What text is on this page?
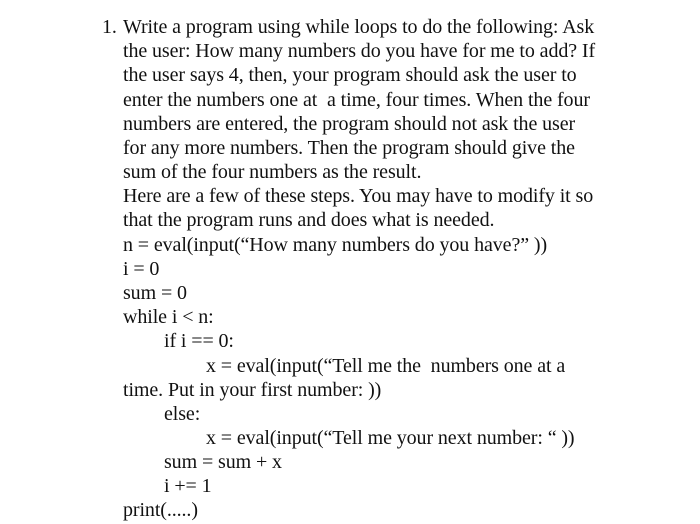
1. Write a program using while loops to do the following: Ask
the user: How many numbers do you have for me to add? If
the user says 4, then, your program should ask the user to
enter the numbers one at  a time, four times. When the four
numbers are entered, the program should not ask the user
for any more numbers. Then the program should give the
sum of the four numbers as the result.
Here are a few of these steps. You may have to modify it so
that the program runs and does what is needed.
n = eval(input(“How many numbers do you have?” ))
i = 0
sum = 0
while i < n:
if i == 0:
x = eval(input(“Tell me the  numbers one at a
time. Put in your first number: ))
else:
x = eval(input(“Tell me your next number: “ ))
sum = sum + x
i += 1
print(.....)
